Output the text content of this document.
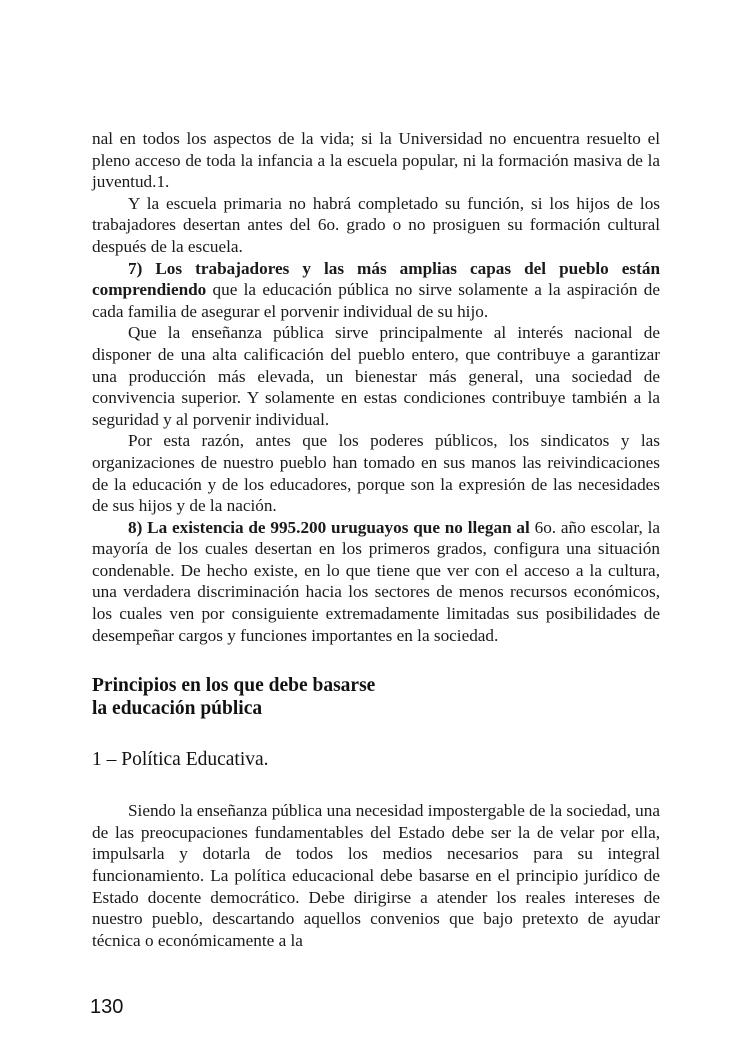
nal en todos los aspectos de la vida; si la Universidad no encuentra resuelto el pleno acceso de toda la infancia a la escuela popular, ni la formación masiva de la juventud.1.

Y la escuela primaria no habrá completado su función, si los hijos de los trabajadores desertan antes del 6o. grado o no prosiguen su formación cultural después de la escuela.

7) Los trabajadores y las más amplias capas del pueblo están comprendiendo que la educación pública no sirve solamente a la aspiración de cada familia de asegurar el porvenir individual de su hijo.

Que la enseñanza pública sirve principalmente al interés nacional de disponer de una alta calificación del pueblo entero, que contribuye a garantizar una producción más elevada, un bienestar más general, una sociedad de convivencia superior. Y solamente en estas condiciones contribuye también a la seguridad y al porvenir individual.

Por esta razón, antes que los poderes públicos, los sindicatos y las organizaciones de nuestro pueblo han tomado en sus manos las reivindicaciones de la educación y de los educadores, porque son la expresión de las necesidades de sus hijos y de la nación.

8) La existencia de 995.200 uruguayos que no llegan al 6o. año escolar, la mayoría de los cuales desertan en los primeros grados, configura una situación condenable. De hecho existe, en lo que tiene que ver con el acceso a la cultura, una verdadera discriminación hacia los sectores de menos recursos económicos, los cuales ven por consiguiente extremadamente limitadas sus posibilidades de desempeñar cargos y funciones importantes en la sociedad.

Principios en los que debe basarse
la educación pública
1 – Política Educativa.

Siendo la enseñanza pública una necesidad impostergable de la sociedad, una de las preocupaciones fundamentables del Estado debe ser la de velar por ella, impulsarla y dotarla de todos los medios necesarios para su integral funcionamiento. La política educacional debe basarse en el principio jurídico de Estado docente democrático. Debe dirigirse a atender los reales intereses de nuestro pueblo, descartando aquellos convenios que bajo pretexto de ayudar técnica o económicamente a la

130
